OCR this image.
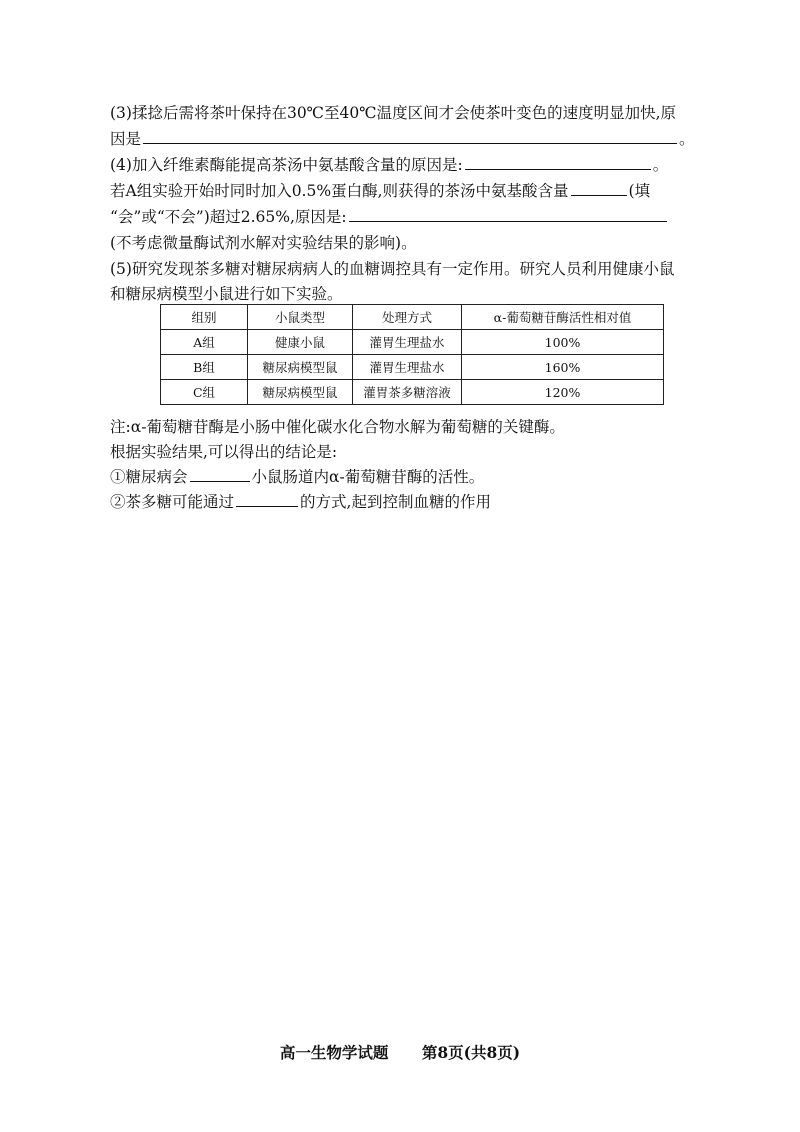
(3)揉捻后需将茶叶保持在30℃至40℃温度区间才会使茶叶变色的速度明显加快,原
因是	。
(4)加入纤维素酶能提高茶汤中氨基酸含量的原因是:	。
若A组实验开始时同时加入0.5%蛋白酶,则获得的茶汤中氨基酸含量	(填
“会”或“不会”)超过2.65%,原因是:
(不考虑微量酶试剂水解对实验结果的影响)。
(5)研究发现茶多糖对糖尿病病人的血糖调控具有一定作用。研究人员利用健康小鼠
和糖尿病模型小鼠进行如下实验。
组别	小鼠类型	处理方式	α-葡萄糖苷酶活性相对值
A组	健康小鼠	灌胃生理盐水	100%
B组	糖尿病模型鼠	灌胃生理盐水	160%
C组	糖尿病模型鼠	灌胃茶多糖溶液	120%
注:α-葡萄糖苷酶是小肠中催化碳水化合物水解为葡萄糖的关键酶。
根据实验结果,可以得出的结论是:
①糖尿病会	小鼠肠道内α-葡萄糖苷酶的活性。
②茶多糖可能通过	的方式,起到控制血糖的作用
高一生物学试题 第8页(共8页)
